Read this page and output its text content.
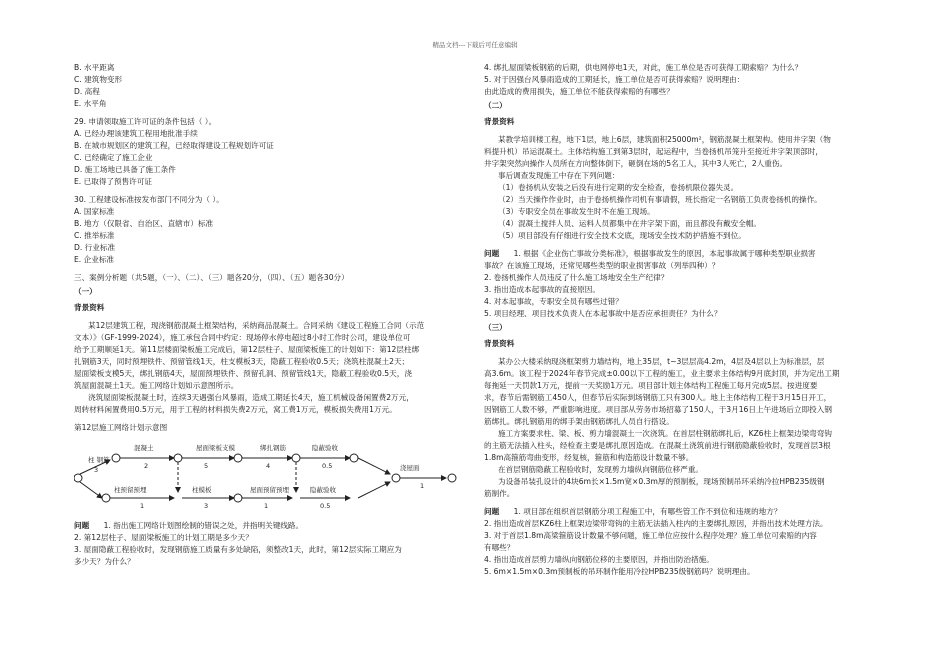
精品文档---下载后可任意编辑
B. 水平距离
C. 建筑物变形
D. 高程
E. 水平角
29. 申请领取施工许可证的条件包括（ ）。
A. 已经办理该建筑工程用地批准手续
B. 在城市规划区的建筑工程，已经取得建设工程规划许可证
C. 已经确定了施工企业
D. 施工场地已具备了施工条件
E. 已取得了预售许可证
30. 工程建设标准按发布部门不同分为（ ）。
A. 国家标准
B. 地方（仅限省、自治区、直辖市）标准
C. 推举标准
D. 行业标准
E. 企业标准
三、案例分析题（共5题，（一）、（二）、（三）题各20分，（四）、（五）题各30分）
（一）
背景资料
某12层建筑工程，现浇钢筋混凝土框架结构，采纳商品混凝土。合同采纳《建设工程施工合同（示范
文本）》（GF-1999-2024），施工承包合同中约定：现场停水停电超过8小时工作时公司，建设单位可
给予工期顺延1天。第11层楼面梁板施工完成后，第12层柱子、屋面梁板施工的计划如下：第12层柱绑
扎钢筋3天，同时预埋铁件、预留管线1天，柱支模板3天，隐蔽工程验收0.5天；浇筑柱混凝土2天；
屋面梁板支模5天，绑扎钢筋4天，屋面预埋铁件、预留孔洞、预留管线1天，隐蔽工程验收0.5天，浇
筑屋面混凝土1天。施工网络计划如示意图所示。
浇筑屋面梁板混凝土时，连续3天遇强台风暴雨，造成工期延长4天，施工机械设备闲置费2万元，
周转材料闲置费用0.5万元，用于工程的材料损失费2万元，窝工费1万元，模板损失费用1万元。
第12层施工网络计划示意图
柱 钢筋
混凝土	屋面梁板支模	绑扎钢筋	隐蔽验收
浇屋面
柱预留预埋	柱模板	屋面预留预埋	隐蔽验收
2	5	4	0.5
1
3
1	3	1	0.5
问题 1. 指出施工网络计划图绘制的错误之处，并指明关键线路。
2. 第12层柱子、屋面梁板施工的计划工期是多少天？
3. 屋面隐蔽工程验收时，发现钢筋施工质量有多处缺陷，须整改1天，此时，第12层实际工期应为
多少天？为什么？
4. 绑扎屋面梁板钢筋的后期，供电网停电1天，对此，施工单位是否可获得工期索赔？为什么？
5. 对于因强台风暴雨造成的工期延长，施工单位是否可获得索赔？说明理由：
由此造成的费用损失，施工单位不能获得索赔的有哪些？
（二）
背景资料
某教学培训楼工程，地下1层，地上6层，建筑面积25000m²，钢筋混凝土框架构。使用井字架（物
料提升机）吊运混凝土。主体结构施工到第3层时，起运程中，当卷扬机吊笼升至接近井字架顶部时，
井字架突然向操作人员所在方向整体倒下，砸倒在场的5名工人，其中3人死亡，2人重伤。
事后调查发现施工中存在下列问题：
（1）卷扬机从安装之后没有进行定期的安全检查，卷扬机限位器失灵。
（2）当天操作作业时，由于卷扬机操作司机有事请假，班长指定一名钢筋工负责卷扬机的操作。
（3）专职安全员在事故发生时不在施工现场。
（4）混凝土搅拌人员、运料人员都集中在井字架下面，而且都没有戴安全帽。
（5）项目部没有仔细进行安全技术交底，现场安全技术防护措施不到位。
问题 1. 根据《企业伤亡事故分类标准》，根据事故发生的原因，本起事故属于哪种类型职业损害
事故？在该施工现场，还常见哪些类型的职业损害事故（列举四种）？
2. 卷扬机操作人员违反了什么施工场地安全生产纪律？
3. 指出造成本起事故的直接原因。
4. 对本起事故，专职安全员有哪些过错？
5. 项目经理、项目技术负责人在本起事故中是否应承担责任？为什么？
（三）
背景资料
某办公大楼采纳现浇框架剪力墙结构，地上35层，t~3层层高4.2m，4层及4层以上为标准层，层
高3.6m。该工程于2024年春节完成±0.00以下工程的施工，业主要求主体结构9月底封顶，并为定出工期
每拖延一天罚款1万元，提前一天奖励1万元。项目部计划主体结构工程施工每月完成5层。按进度要
求，春节后需钢筋工450人，但春节后实际到场钢筋工只有300人。地上主体结构工程于3月15日开工，
因钢筋工人数不够，严重影响进度。项目部从劳务市场招募了150人，于3月16日上午进场后立即投入钢
筋绑扎。绑扎钢筋用的绑手架由钢筋绑扎人员自行搭设。
施工方案要求柱、梁、板、剪力墙混凝土一次浇筑。在首层柱钢筋绑扎后，KZ6柱上框架边梁弯弯钩
的主筋无法插入柱头，经检查主要是绑扎原因造成。在混凝土浇筑前进行钢筋隐蔽验收时，发现首层3根
1.8m高箍筋弯曲变形，经复核，箍筋和构造筋设计数量不够。
在首层钢筋隐蔽工程验收时，发现剪力墙纵向钢筋位移严重。
为设备吊装孔设计的4块6m长×1.5m宽×0.3m厚的预制板，现场预制吊环采纳冷拉HPB235级钢
筋制作。
问题 1. 项目部在组织首层钢筋分项工程施工中，有哪些管工作不到位和违规的地方？
2. 指出造成首层KZ6柱上框架边梁带弯钩的主筋无法插入柱内的主要绑扎原因，并指出技术处理方法。
3. 对于首层1.8m高梁箍筋设计数量不够问题，施工单位应按什么程序处理？施工单位可索赔的内容
有哪些？
4. 指出造成首层剪力墙纵向钢筋位移的主要原因，并指出防治措施。
5. 6m×1.5m×0.3m预制板的吊环制作能用冷拉HPB235级钢筋吗？说明理由。
